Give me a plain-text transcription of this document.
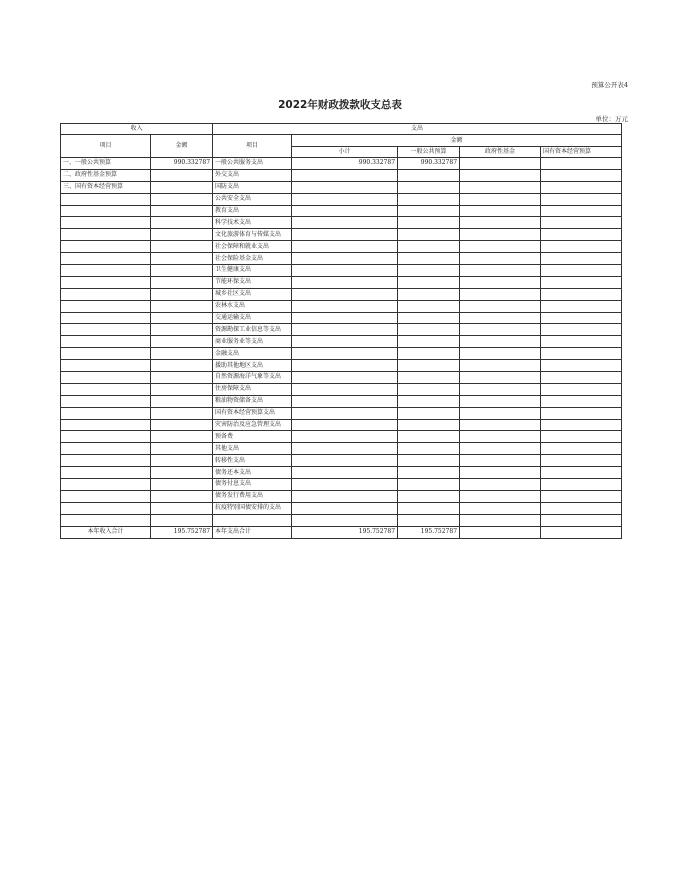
预算公开表4
2022年财政拨款收支总表
单位：万元
收入		支出				
项目	金额	项目	金额			
			小计	一般公共预算	政府性基金	国有资本经营预算
一、一般公共预算	990.332787	一般公共服务支出	990.332787	990.332787		
二、政府性基金预算		外交支出				
三、国有资本经营预算		国防支出				
		公共安全支出				
		教育支出				
		科学技术支出				
		文化旅游体育与传媒支出				
		社会保障和就业支出				
		社会保险基金支出				
		卫生健康支出				
		节能环保支出				
		城乡社区支出				
		农林水支出				
		交通运输支出				
		资源勘探工业信息等支出				
		商业服务业等支出				
		金融支出				
		援助其他地区支出				
		自然资源海洋气象等支出				
		住房保障支出				
		粮油物资储备支出				
		国有资本经营预算支出				
		灾害防治及应急管理支出				
		预备费				
		其他支出				
		转移性支出				
		债务还本支出				
		债务付息支出				
		债务发行费用支出				
		抗疫特别国债安排的支出				

本年收入合计	195.752787	本年支出合计	195.752787	195.752787		
